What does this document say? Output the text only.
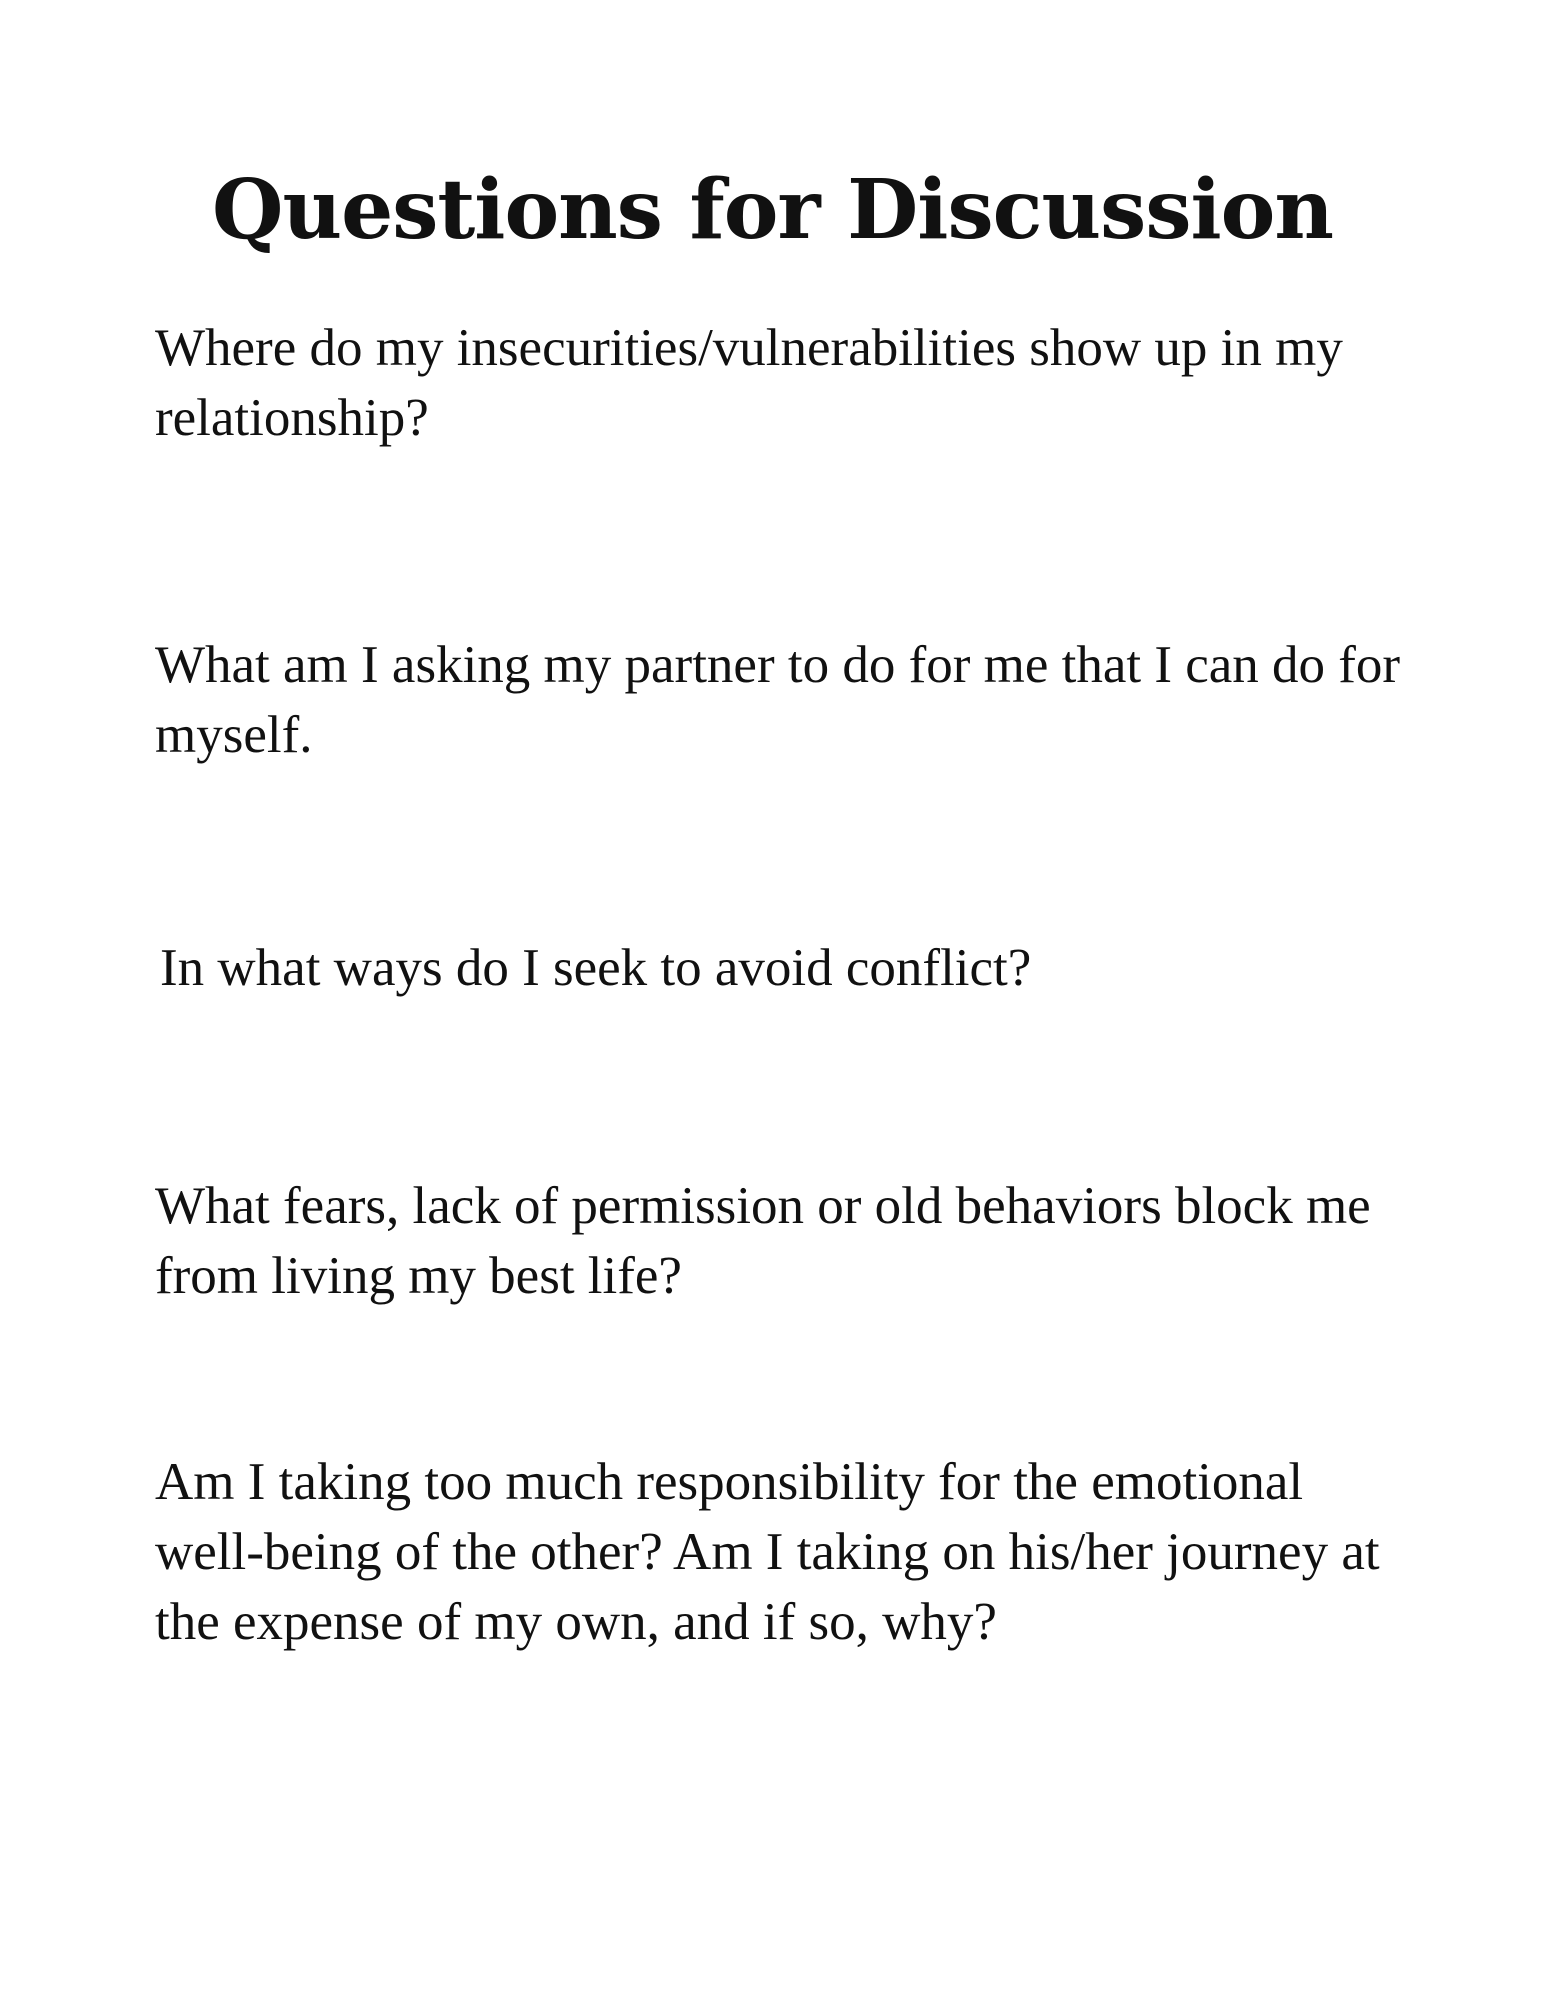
Questions for Discussion

Where do my insecurities/vulnerabilities show up in my relationship?

What am I asking my partner to do for me that I can do for myself.

In what ways do I seek to avoid conflict?

What fears, lack of permission or old behaviors block me from living my best life?

Am I taking too much responsibility for the emotional well-being of the other? Am I taking on his/her journey at the expense of my own, and if so, why?
